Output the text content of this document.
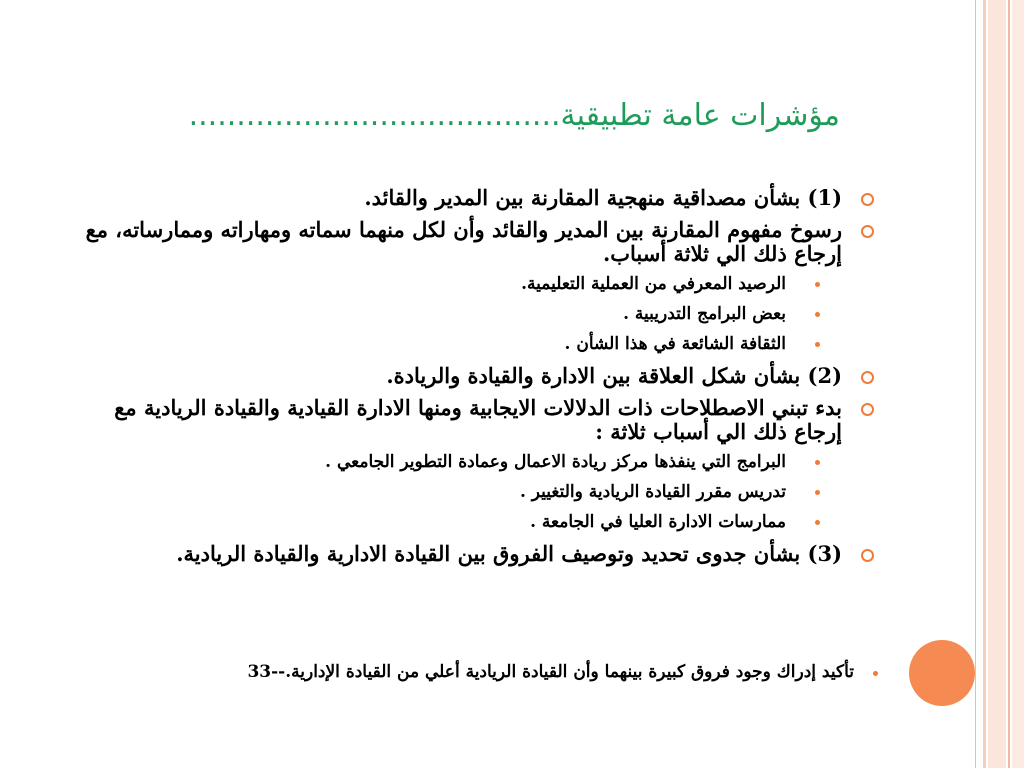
مؤشرات عامة تطبيقية.......................................

(1) بشأن مصداقية منهجية المقارنة بين المدير والقائد.

رسوخ مفهوم المقارنة بين المدير والقائد وأن لكل منهما سماته ومهاراته وممارساته، مع إرجاع ذلك الي ثلاثة أسباب.

الرصيد المعرفي من العملية التعليمية.

بعض البرامج التدريبية .

الثقافة الشائعة في هذا الشأن .

(2) بشأن شكل العلاقة بين الادارة والقيادة والريادة.

بدء تبني الاصطلاحات ذات الدلالات الايجابية ومنها الادارة القيادية والقيادة الريادية مع إرجاع ذلك الي أسباب ثلاثة :

البرامج التي ينفذها مركز ريادة الاعمال وعمادة التطوير الجامعي .

تدريس مقرر القيادة الريادية والتغيير .

ممارسات الادارة العليا في الجامعة .

(3) بشأن جدوى تحديد وتوصيف الفروق بين القيادة الادارية والقيادة الريادية.

تأكيد إدراك وجود فروق كبيرة بينهما وأن القيادة الريادية أعلي من القيادة الإدارية.--33
